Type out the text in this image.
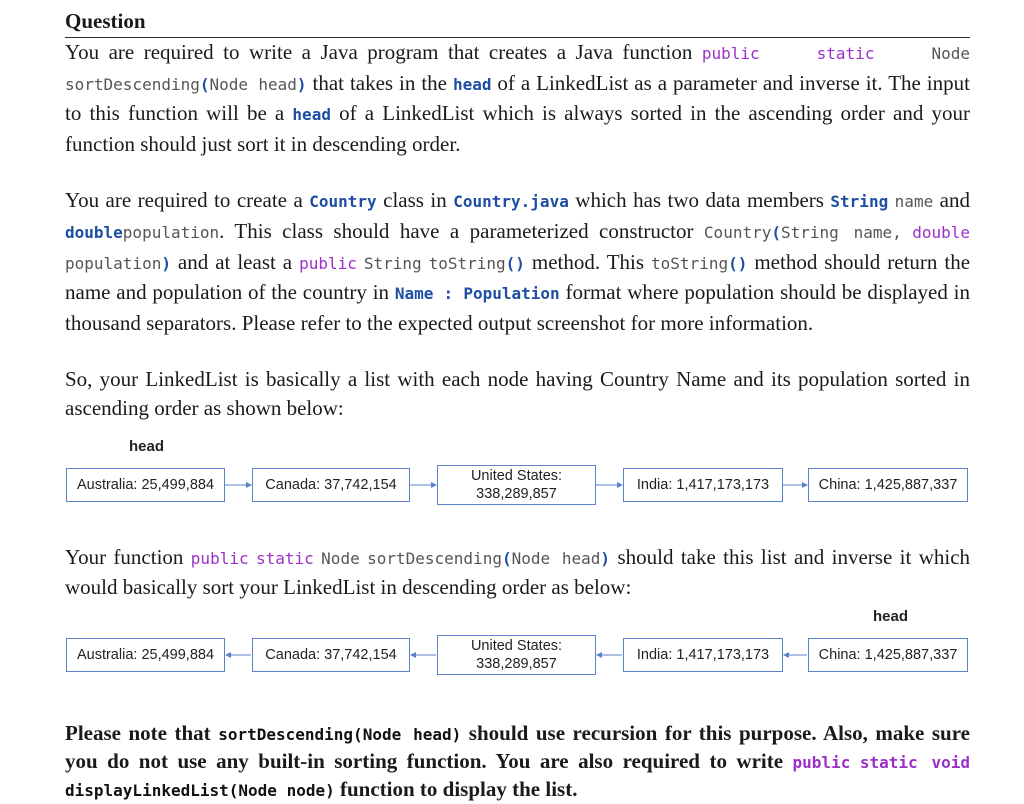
Question

You are required to write a Java program that creates a Java function public	static	Node sortDescending(Node head) that takes in the head of a LinkedList as a parameter and inverse it. The input to this function will be a head of a LinkedList which is always sorted in the ascending order and your function should just sort it in descending order.

You are required to create a Country class in Country.java which has two data members String name and doublepopulation. This class should have a parameterized constructor Country(String name, double population) and at least a public String toString() method. This toString() method should return the name and population of the country in Name : Population format where population should be displayed in thousand separators. Please refer to the expected output screenshot for more information.

So, your LinkedList is basically a list with each node having Country Name and its population sorted in ascending order as shown below:

Your function public static Node sortDescending(Node head) should take this list and inverse it which would basically sort your LinkedList in descending order as below:

Please note that sortDescending(Node head) should use recursion for this purpose. Also, make sure you do not use any built-in sorting function. You are also required to write public static void displayLinkedList(Node node) function to display the list.

head
Australia: 25,499,884	Canada: 37,742,154
United States:
338,289,857
India: 1,417,173,173	China: 1,425,887,337
head
Australia: 25,499,884	Canada: 37,742,154
United States:
338,289,857
India: 1,417,173,173	China: 1,425,887,337
